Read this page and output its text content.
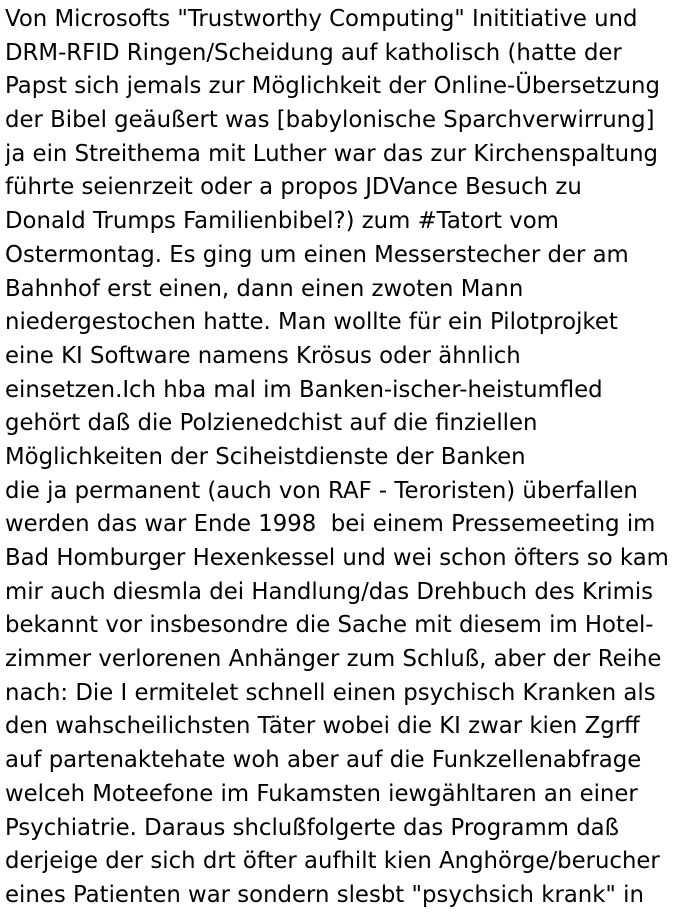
Von Microsofts "Trustworthy Computing" Inititiative und
DRM-RFID Ringen/Scheidung auf katholisch (hatte der
Papst sich jemals zur Möglichkeit der Online-Übersetzung
der Bibel geäußert was [babylonische Sparchverwirrung]
ja ein Streithema mit Luther war das zur Kirchenspaltung
führte seienrzeit oder a propos JDVance Besuch zu
Donald Trumps Familienbibel?) zum #Tatort vom
Ostermontag. Es ging um einen Messerstecher der am
Bahnhof erst einen, dann einen zwoten Mann
niedergestochen hatte. Man wollte für ein Pilotprojket
eine KI Software namens Krösus oder ähnlich
einsetzen.Ich hba mal im Banken-ischer-heistumfled
gehört daß die Polzienedchist auf die finziellen
Möglichkeiten der Sciheistdienste der Banken
die ja permanent (auch von RAF - Teroristen) überfallen
werden das war Ende 1998  bei einem Pressemeeting im
Bad Homburger Hexenkessel und wei schon öfters so kam
mir auch diesmla dei Handlung/das Drehbuch des Krimis
bekannt vor insbesondre die Sache mit diesem im Hotel-
zimmer verlorenen Anhänger zum Schluß, aber der Reihe
nach: Die I ermitelet schnell einen psychisch Kranken als
den wahscheilichsten Täter wobei die KI zwar kien Zgrff
auf partenaktehate woh aber auf die Funkzellenabfrage
welceh Moteefone im Fukamsten iewgähltaren an einer
Psychiatrie. Daraus shclußfolgerte das Programm daß
derjeige der sich drt öfter aufhilt kien Anghörge/berucher
eines Patienten war sondern slesbt "psychsich krank" in
